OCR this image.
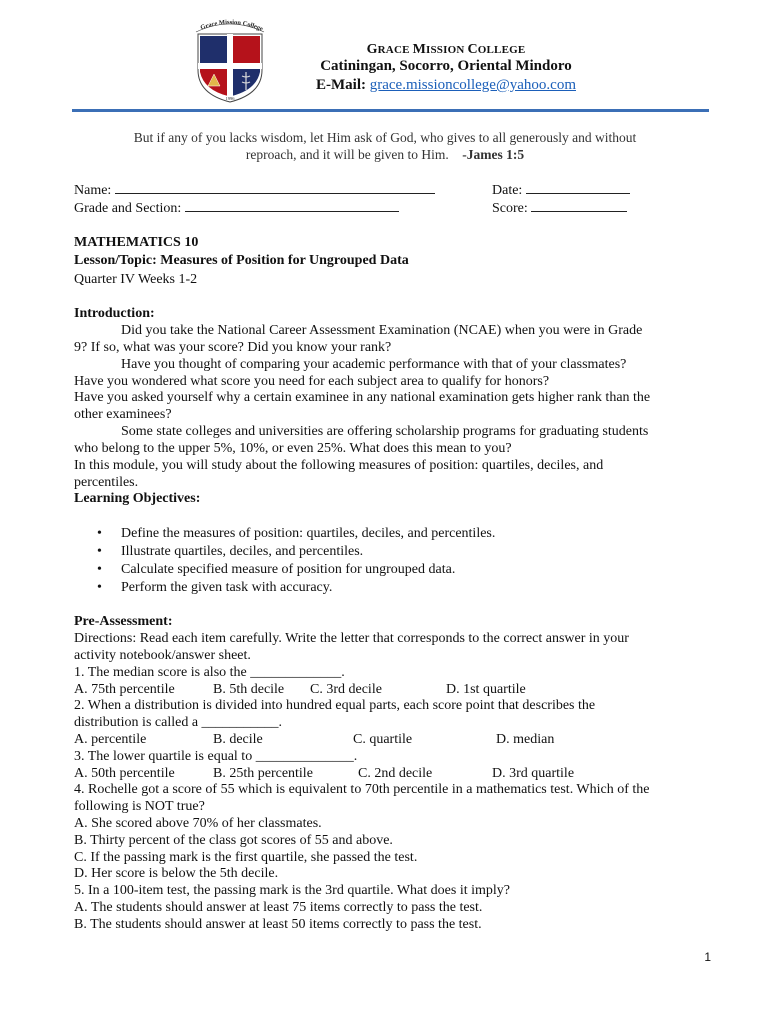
Grace Mission College
1996
GRACE MISSION COLLEGE
Catiningan, Socorro, Oriental Mindoro
E-Mail: grace.missioncollege@yahoo.com
But if any of you lacks wisdom, let Him ask of God, who gives to all generously and without
reproach, and it will be given to Him. -James 1:5
Name:	Date:
Grade and Section:	Score:
MATHEMATICS 10
Lesson/Topic: Measures of Position for Ungrouped Data
Quarter IV Weeks 1-2
Introduction:
Did you take the National Career Assessment Examination (NCAE) when you were in Grade
9? If so, what was your score? Did you know your rank?
Have you thought of comparing your academic performance with that of your classmates?
Have you wondered what score you need for each subject area to qualify for honors?
Have you asked yourself why a certain examinee in any national examination gets higher rank than the
other examinees?
Some state colleges and universities are offering scholarship programs for graduating students
who belong to the upper 5%, 10%, or even 25%. What does this mean to you?
In this module, you will study about the following measures of position: quartiles, deciles, and
percentiles.
Learning Objectives:
• Define the measures of position: quartiles, deciles, and percentiles.
• Illustrate quartiles, deciles, and percentiles.
• Calculate specified measure of position for ungrouped data.
• Perform the given task with accuracy.
Pre-Assessment:
Directions: Read each item carefully. Write the letter that corresponds to the correct answer in your
activity notebook/answer sheet.
1. The median score is also the _____________.
A. 75th percentile	B. 5th decile C. 3rd decile	D. 1st quartile
2. When a distribution is divided into hundred equal parts, each score point that describes the
distribution is called a ___________.
A. percentile	B. decile	C. quartile	D. median
3. The lower quartile is equal to ______________.
A. 50th percentile	B. 25th percentile	C. 2nd decile	D. 3rd quartile
4. Rochelle got a score of 55 which is equivalent to 70th percentile in a mathematics test. Which of the
following is NOT true?
A. She scored above 70% of her classmates.
B. Thirty percent of the class got scores of 55 and above.
C. If the passing mark is the first quartile, she passed the test.
D. Her score is below the 5th decile.
5. In a 100-item test, the passing mark is the 3rd quartile. What does it imply?
A. The students should answer at least 75 items correctly to pass the test.
B. The students should answer at least 50 items correctly to pass the test.
1
